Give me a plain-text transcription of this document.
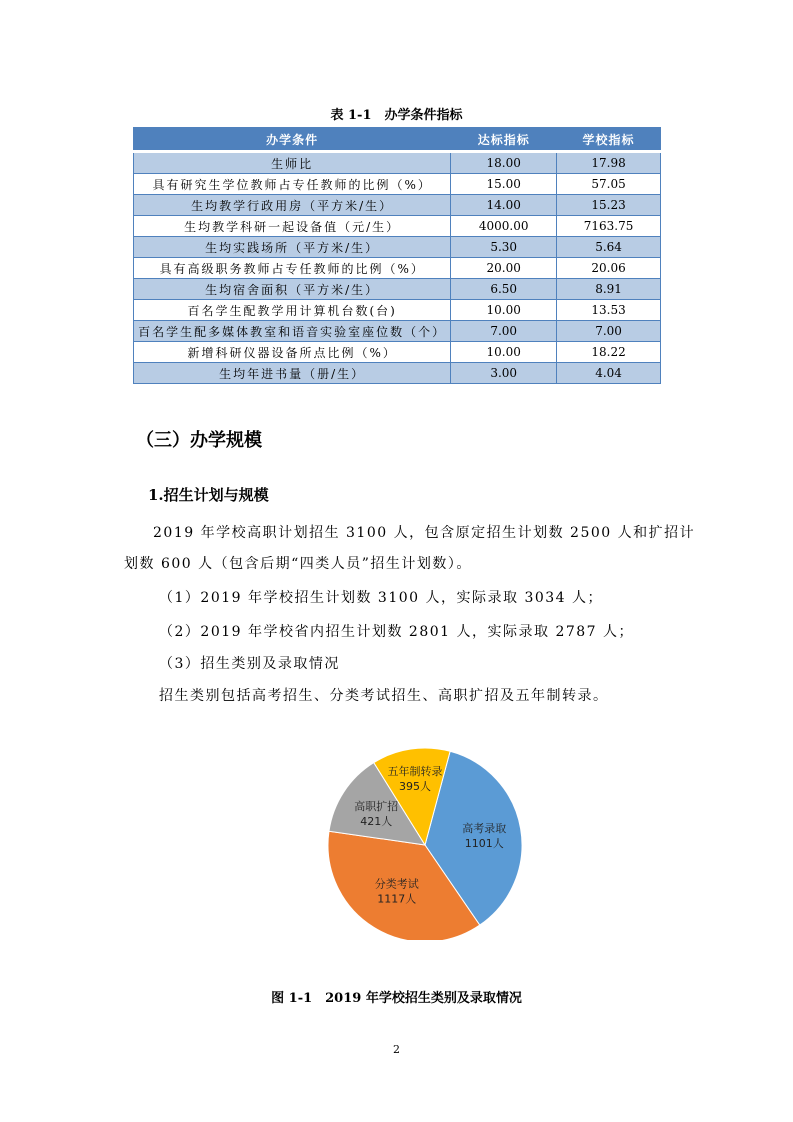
表 1-1　办学条件指标
办学条件	达标指标	学校指标
生师比	18.00	17.98
具有研究生学位教师占专任教师的比例（%）	15.00	57.05
生均教学行政用房（平方米/生）	14.00	15.23
生均教学科研一起设备值（元/生）	4000.00	7163.75
生均实践场所（平方米/生）	5.30	5.64
具有高级职务教师占专任教师的比例（%）	20.00	20.06
生均宿舍面积（平方米/生）	6.50	8.91
百名学生配教学用计算机台数(台)	10.00	13.53
百名学生配多媒体教室和语音实验室座位数（个）	7.00	7.00
新增科研仪器设备所点比例（%）	10.00	18.22
生均年进书量（册/生）	3.00	4.04
（三）办学规模
1.招生计划与规模
2019 年学校高职计划招生 3100 人，包含原定招生计划数 2500 人和扩招计
划数 600 人（包含后期“四类人员”招生计划数）。
（1）2019 年学校招生计划数 3100 人，实际录取 3034 人；
（2）2019 年学校省内招生计划数 2801 人，实际录取 2787 人；
（3）招生类别及录取情况
招生类别包括高考招生、分类考试招生、高职扩招及五年制转录。
高考录取
1101人
分类考试
1117人
高职扩招
421人
五年制转录
395人
图 1-1　2019 年学校招生类别及录取情况
2
